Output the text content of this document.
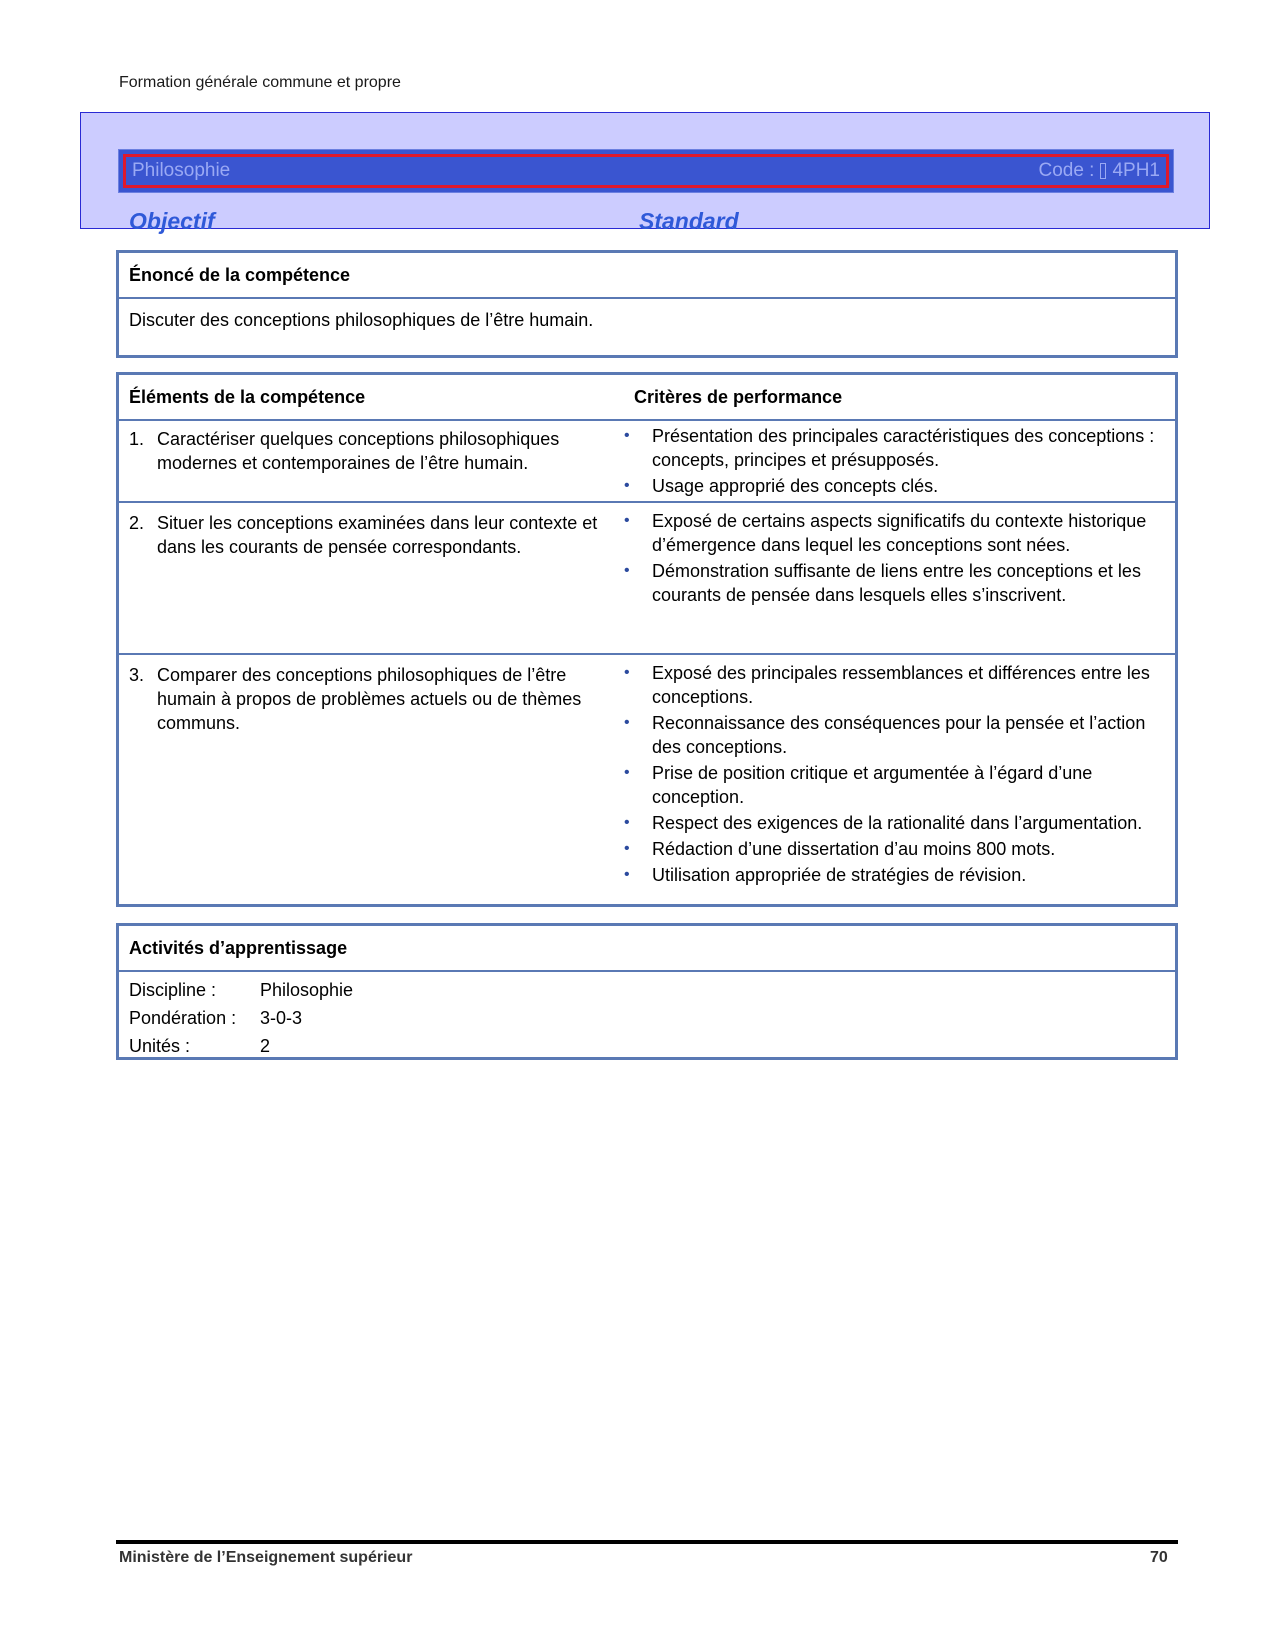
Formation générale commune et propre
Philosophie	Code : 4PH1
Objectif	Standard
Énoncé de la compétence
Discuter des conceptions philosophiques de l’être humain.
Éléments de la compétence	Critères de performance
1. Caractériser quelques conceptions philosophiques modernes et contemporaines de l’être humain.
• Présentation des principales caractéristiques des conceptions : concepts, principes et présupposés.
• Usage approprié des concepts clés.
2. Situer les conceptions examinées dans leur contexte et dans les courants de pensée correspondants.
• Exposé de certains aspects significatifs du contexte historique d’émergence dans lequel les conceptions sont nées.
• Démonstration suffisante de liens entre les conceptions et les courants de pensée dans lesquels elles s’inscrivent.
3. Comparer des conceptions philosophiques de l’être humain à propos de problèmes actuels ou de thèmes communs.
• Exposé des principales ressemblances et différences entre les conceptions.
• Reconnaissance des conséquences pour la pensée et l’action des conceptions.
• Prise de position critique et argumentée à l’égard d’une conception.
• Respect des exigences de la rationalité dans l’argumentation.
• Rédaction d’une dissertation d’au moins 800 mots.
• Utilisation appropriée de stratégies de révision.
Activités d’apprentissage
Discipline :	Philosophie
Pondération :	3-0-3
Unités :	2
Ministère de l’Enseignement supérieur	70
